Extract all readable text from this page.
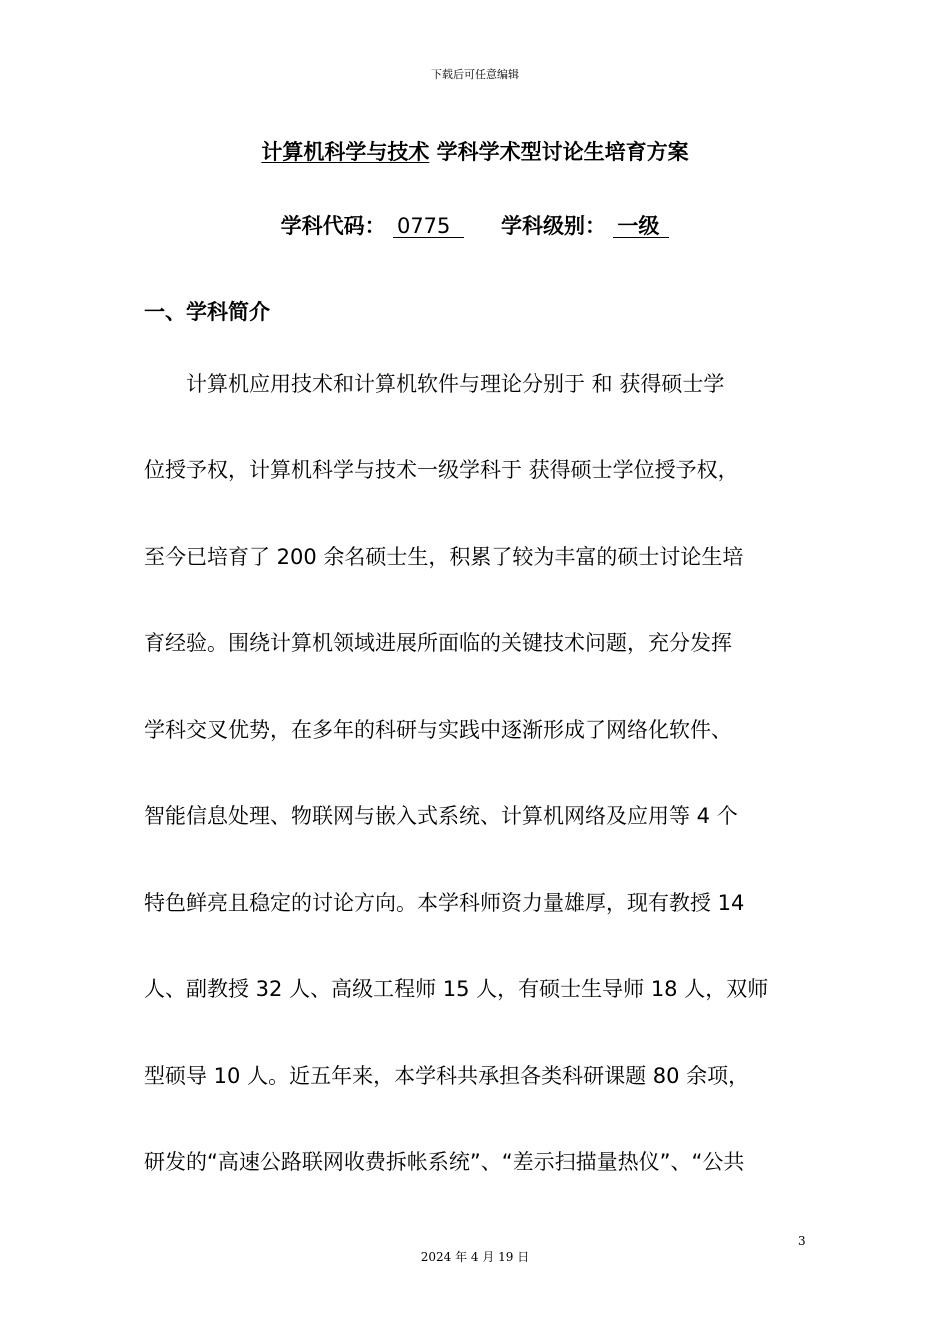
下载后可任意编辑
计算机科学与技术 学科学术型讨论生培育方案
学科代码： 0775 学科级别： 一级
一、学科简介
计算机应用技术和计算机软件与理论分别于 和 获得硕士学
位授予权，计算机科学与技术一级学科于 获得硕士学位授予权，
至今已培育了 200 余名硕士生，积累了较为丰富的硕士讨论生培
育经验。围绕计算机领域进展所面临的关键技术问题，充分发挥
学科交叉优势，在多年的科研与实践中逐渐形成了网络化软件、
智能信息处理、物联网与嵌入式系统、计算机网络及应用等 4 个
特色鲜亮且稳定的讨论方向。本学科师资力量雄厚，现有教授 14
人、副教授 32 人、高级工程师 15 人，有硕士生导师 18 人，双师
型硕导 10 人。近五年来，本学科共承担各类科研课题 80 余项，
研发的“高速公路联网收费拆帐系统”、“差示扫描量热仪”、“公共
3
2024 年 4 月 19 日
